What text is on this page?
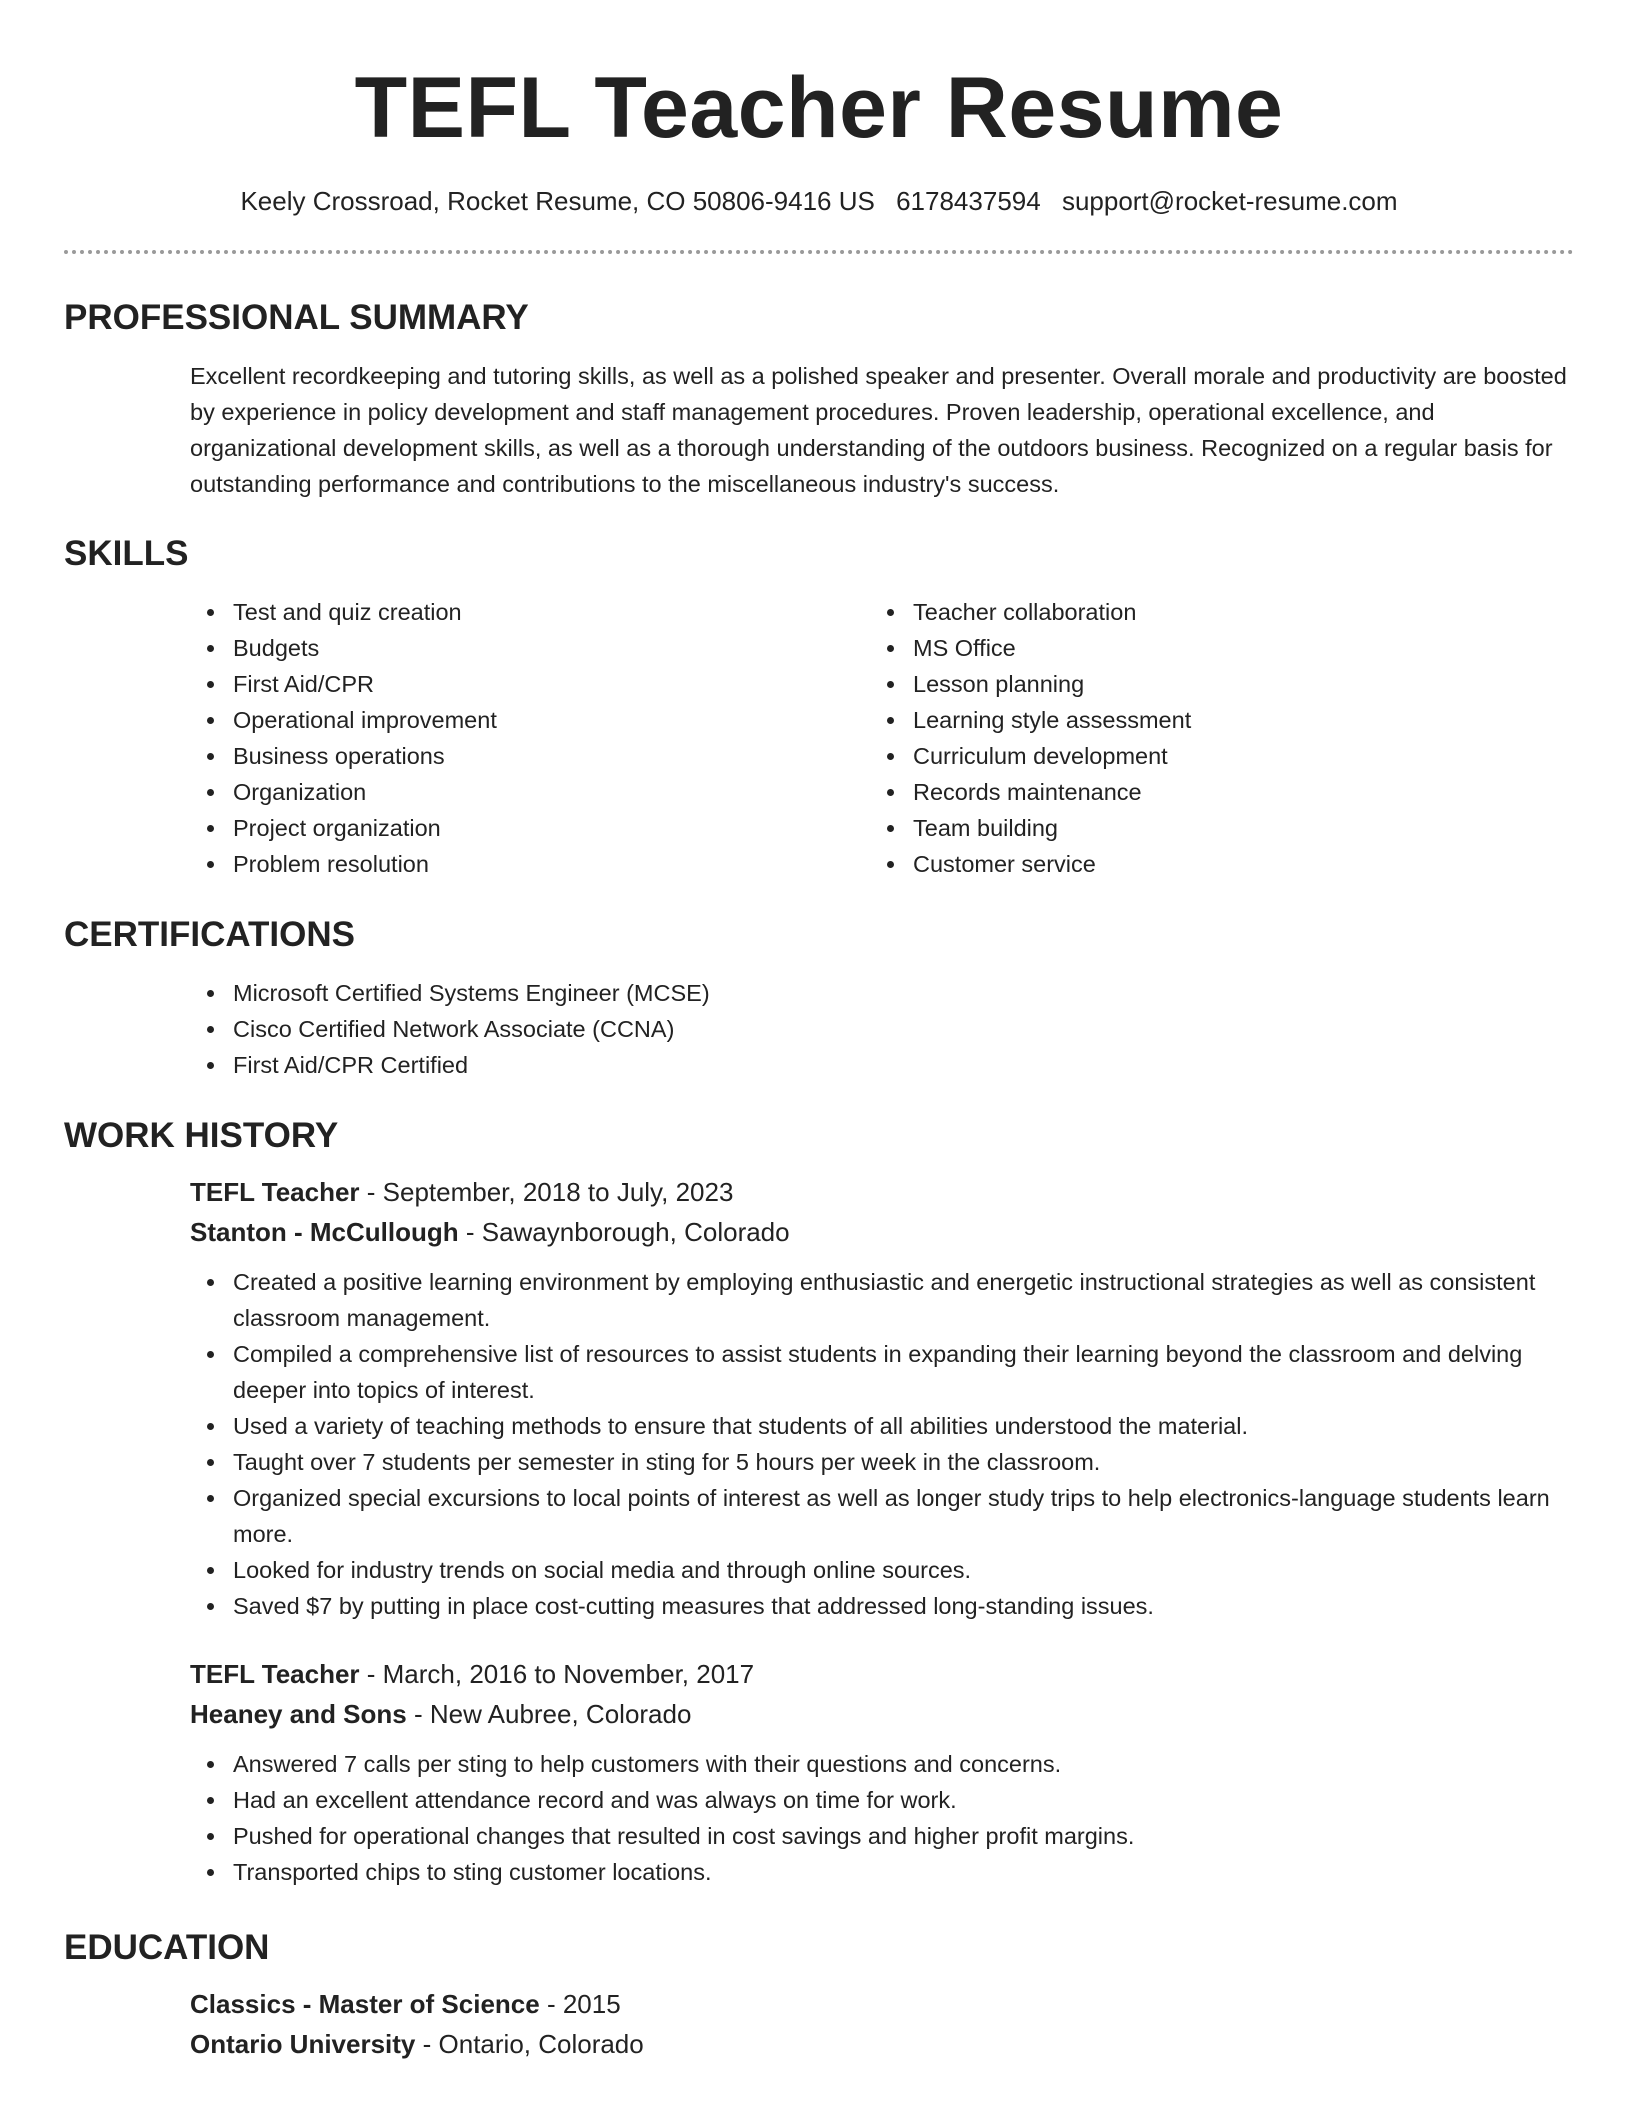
TEFL Teacher Resume
Keely Crossroad, Rocket Resume, CO 50806-9416 US 6178437594 support@rocket-resume.com
PROFESSIONAL SUMMARY

Excellent recordkeeping and tutoring skills, as well as a polished speaker and presenter. Overall morale and productivity are boosted by experience in policy development and staff management procedures. Proven leadership, operational excellence, and organizational development skills, as well as a thorough understanding of the outdoors business. Recognized on a regular basis for outstanding performance and contributions to the miscellaneous industry's success.

SKILLS
Test and quiz creation
Budgets
First Aid/CPR
Operational improvement
Business operations
Organization
Project organization
Problem resolution
Teacher collaboration
MS Office
Lesson planning
Learning style assessment
Curriculum development
Records maintenance
Team building
Customer service
CERTIFICATIONS
Microsoft Certified Systems Engineer (MCSE)
Cisco Certified Network Associate (CCNA)
First Aid/CPR Certified
WORK HISTORY
TEFL Teacher - September, 2018 to July, 2023
Stanton - McCullough - Sawaynborough, Colorado
Created a positive learning environment by employing enthusiastic and energetic instructional strategies as well as consistent classroom management.
Compiled a comprehensive list of resources to assist students in expanding their learning beyond the classroom and delving deeper into topics of interest.
Used a variety of teaching methods to ensure that students of all abilities understood the material.
Taught over 7 students per semester in sting for 5 hours per week in the classroom.
Organized special excursions to local points of interest as well as longer study trips to help electronics-language students learn more.
Looked for industry trends on social media and through online sources.
Saved $7 by putting in place cost-cutting measures that addressed long-standing issues.
TEFL Teacher - March, 2016 to November, 2017
Heaney and Sons - New Aubree, Colorado
Answered 7 calls per sting to help customers with their questions and concerns.
Had an excellent attendance record and was always on time for work.
Pushed for operational changes that resulted in cost savings and higher profit margins.
Transported chips to sting customer locations.
EDUCATION
Classics - Master of Science - 2015
Ontario University - Ontario, Colorado
